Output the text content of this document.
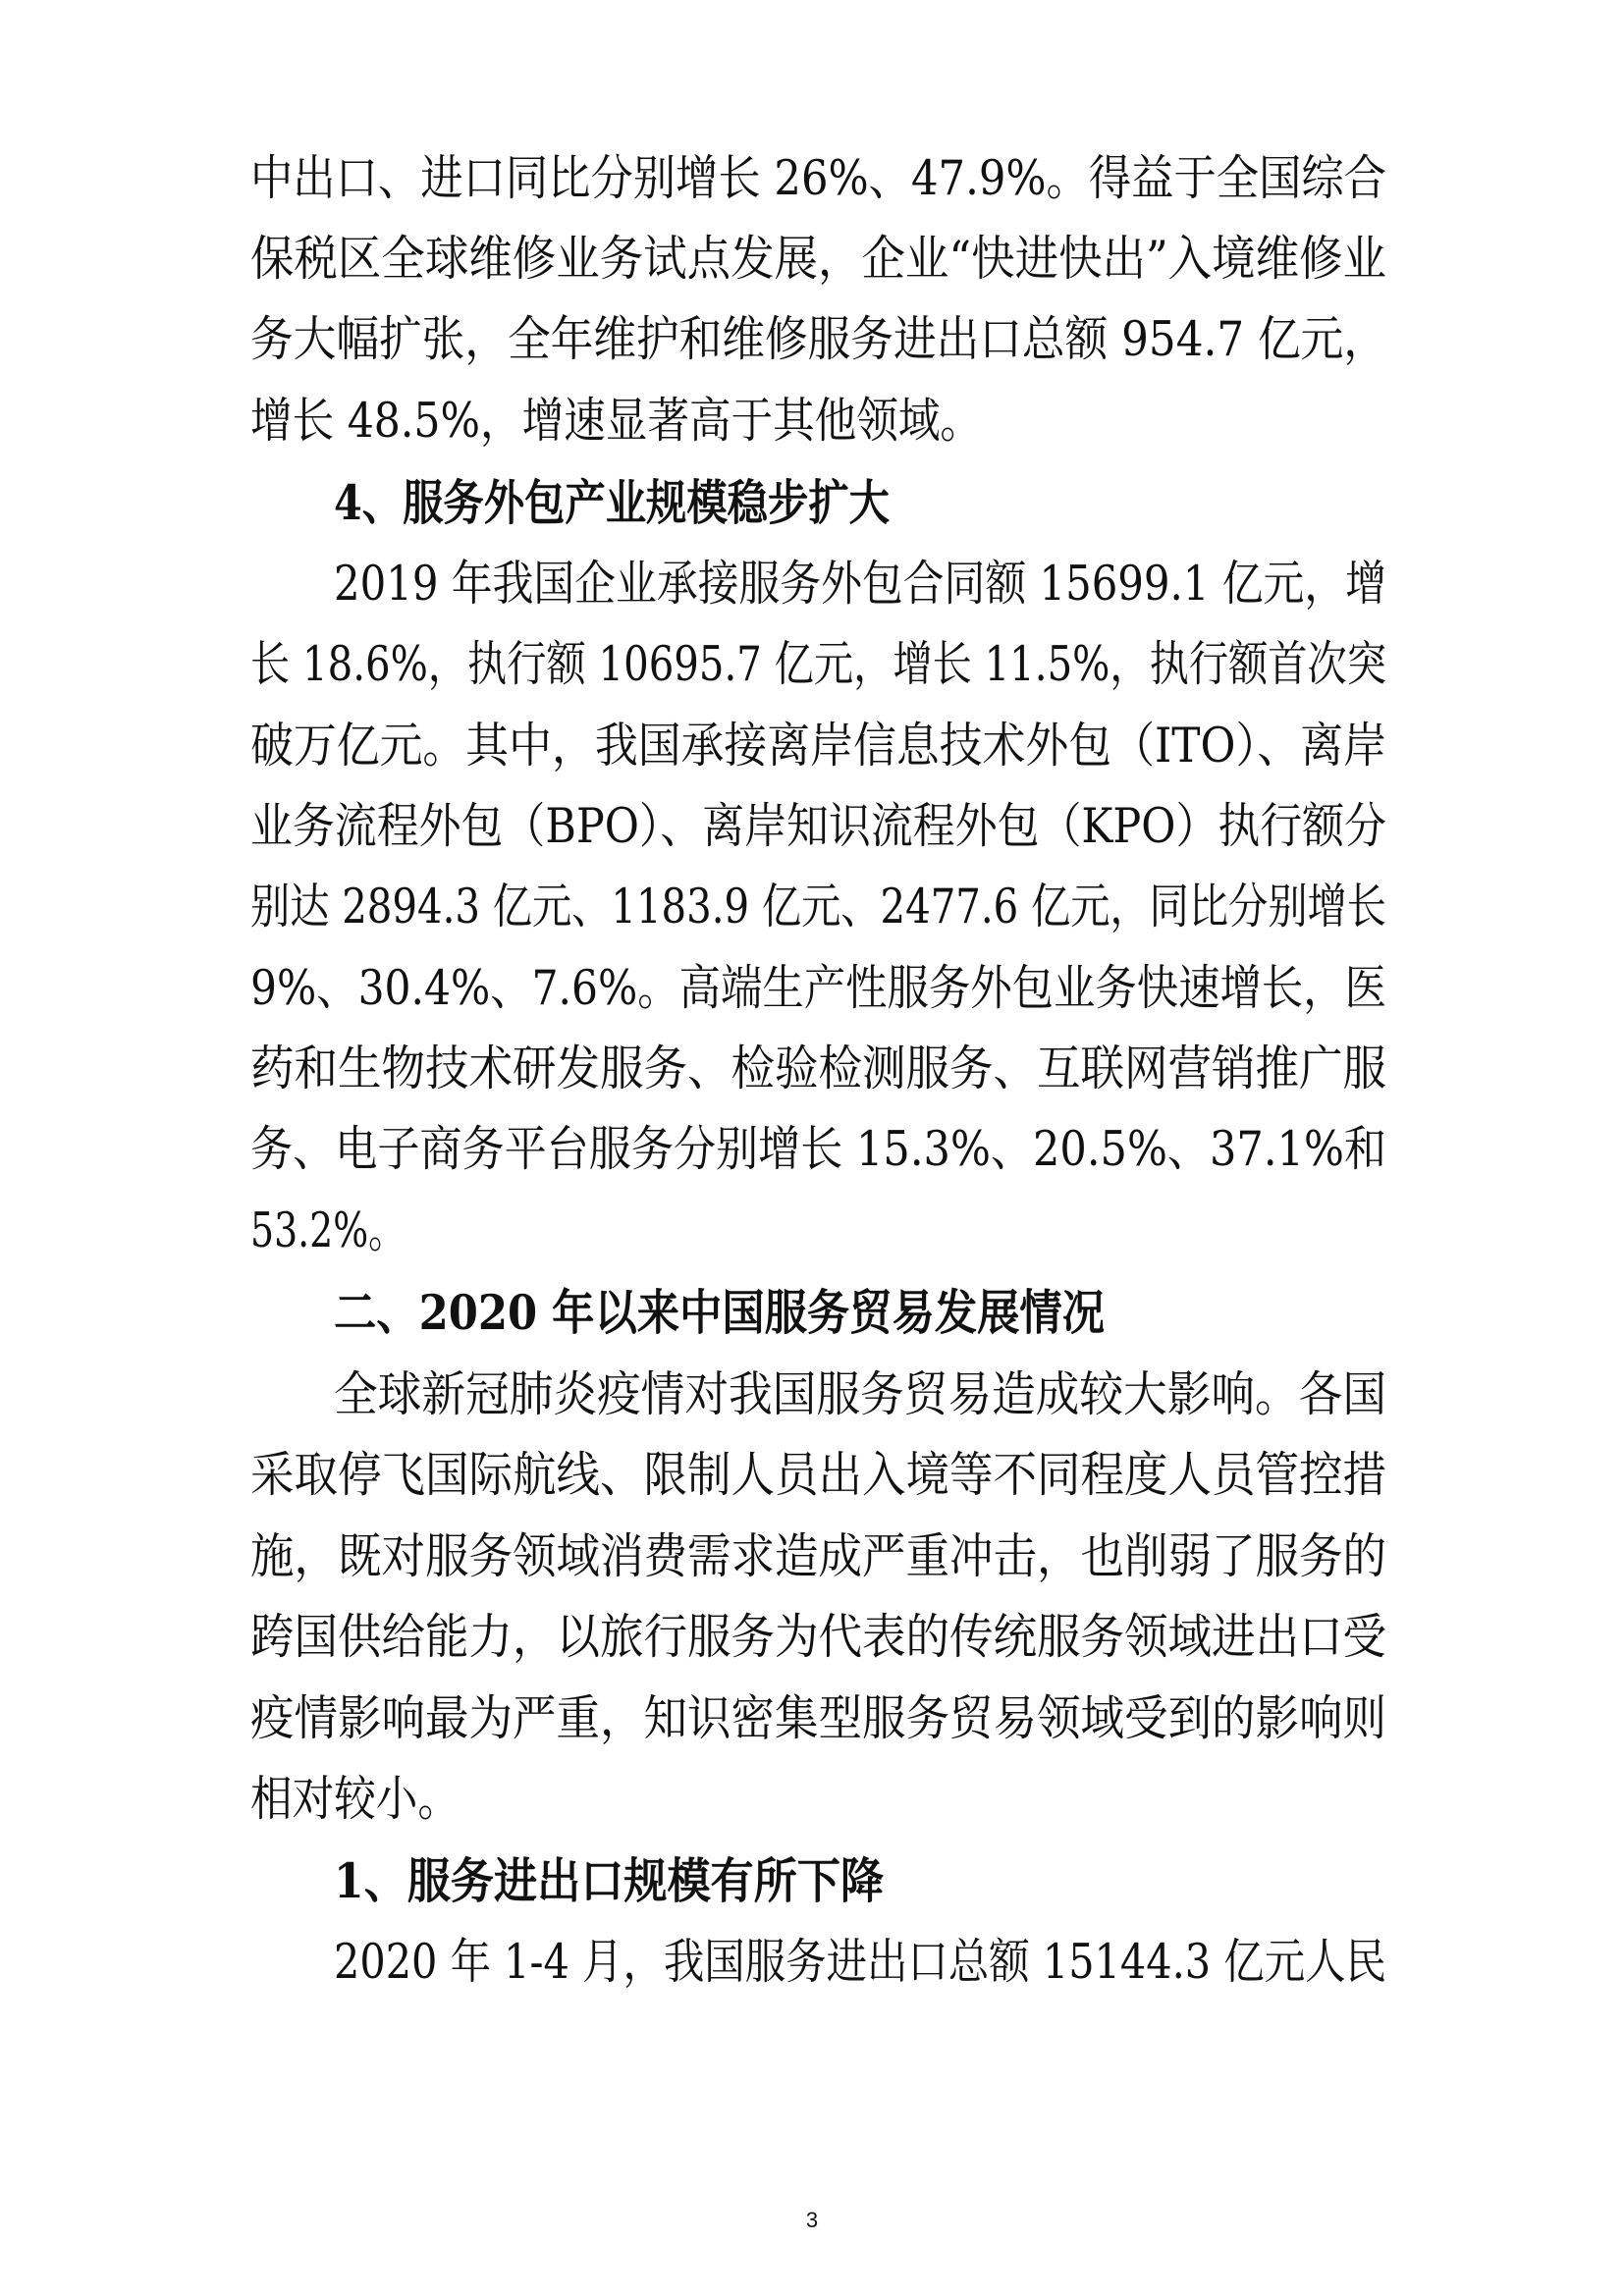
中出口、进口同比分别增长 26%、47.9%。得益于全国综合
保税区全球维修业务试点发展，企业“快进快出”入境维修业
务大幅扩张，全年维护和维修服务进出口总额 954.7 亿元，
增长 48.5%，增速显著高于其他领域。
4、服务外包产业规模稳步扩大
2019 年我国企业承接服务外包合同额 15699.1 亿元，增
长 18.6%，执行额 10695.7 亿元，增长 11.5%，执行额首次突
破万亿元。其中，我国承接离岸信息技术外包（ITO）、离岸
业务流程外包（BPO）、离岸知识流程外包（KPO）执行额分
别达 2894.3 亿元、1183.9 亿元、2477.6 亿元，同比分别增长
9%、30.4%、7.6%。高端生产性服务外包业务快速增长，医
药和生物技术研发服务、检验检测服务、互联网营销推广服
务、电子商务平台服务分别增长 15.3%、20.5%、37.1%和
53.2%。
二、2020 年以来中国服务贸易发展情况
全球新冠肺炎疫情对我国服务贸易造成较大影响。各国
采取停飞国际航线、限制人员出入境等不同程度人员管控措
施，既对服务领域消费需求造成严重冲击，也削弱了服务的
跨国供给能力，以旅行服务为代表的传统服务领域进出口受
疫情影响最为严重，知识密集型服务贸易领域受到的影响则
相对较小。
1、服务进出口规模有所下降
2020 年 1-4 月，我国服务进出口总额 15144.3 亿元人民
3
